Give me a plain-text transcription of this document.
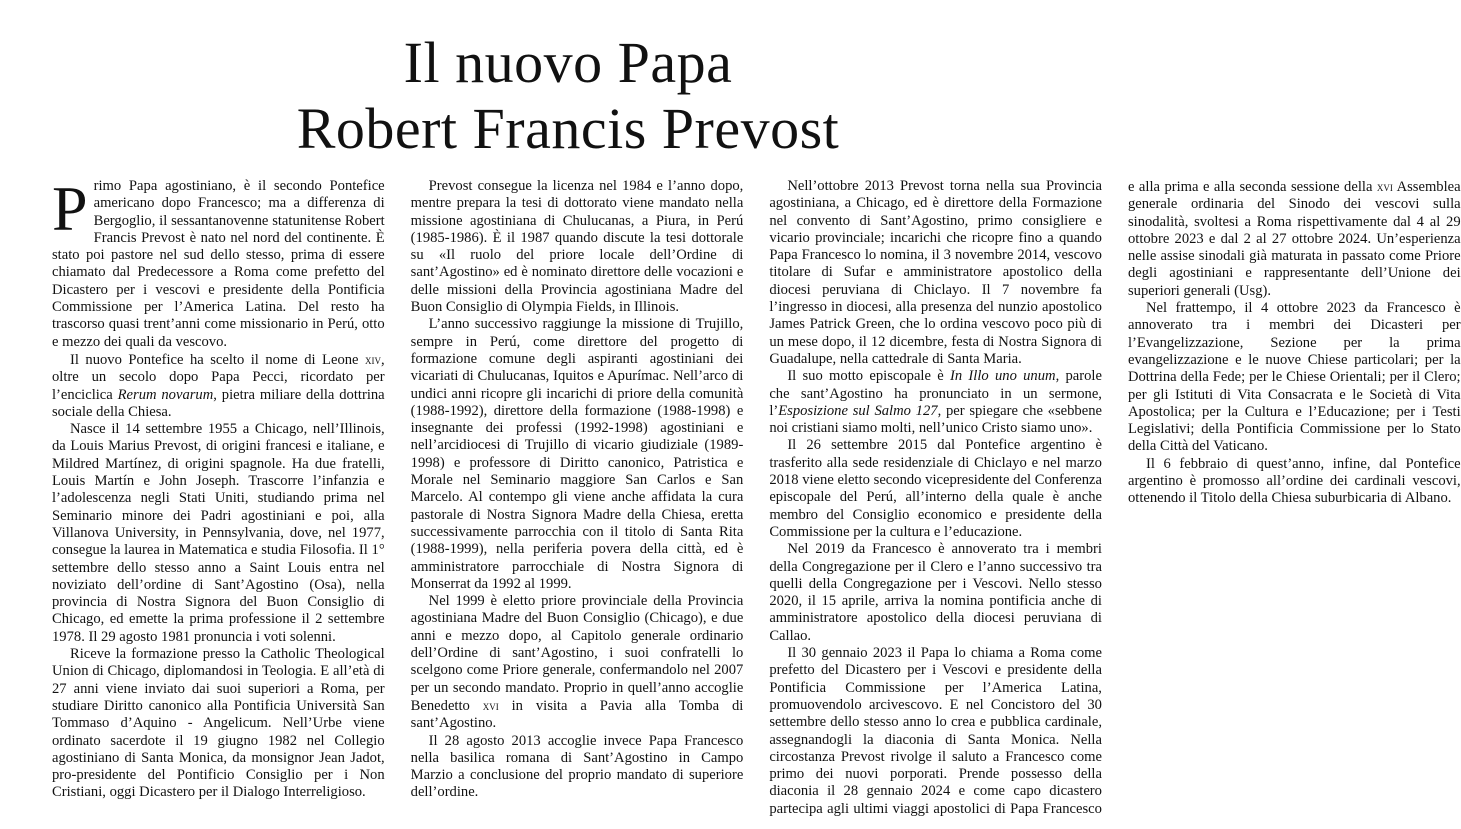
Il nuovo Papa
Robert Francis Prevost

Primo Papa agostiniano, è il secondo Pontefice americano dopo Francesco; ma a differenza di Bergoglio, il sessantanovenne statunitense Robert Francis Prevost è nato nel nord del continente. È stato poi pastore nel sud dello stesso, prima di essere chiamato dal Predecessore a Roma come prefetto del Dicastero per i vescovi e presidente della Pontificia Commissione per l’America Latina. Del resto ha trascorso quasi trent’anni come missionario in Perú, otto e mezzo dei quali da vescovo.

Il nuovo Pontefice ha scelto il nome di Leone xiv, oltre un secolo dopo Papa Pecci, ricordato per l’enciclica Rerum novarum, pietra miliare della dottrina sociale della Chiesa.

Nasce il 14 settembre 1955 a Chicago, nell’Illinois, da Louis Marius Prevost, di origini francesi e italiane, e Mildred Martínez, di origini spagnole. Ha due fratelli, Louis Martín e John Joseph. Trascorre l’infanzia e l’adolescenza negli Stati Uniti, studiando prima nel Seminario minore dei Padri agostiniani e poi, alla Villanova University, in Pennsylvania, dove, nel 1977, consegue la laurea in Matematica e studia Filosofia. Il 1° settembre dello stesso anno a Saint Louis entra nel noviziato dell’ordine di Sant’Agostino (Osa), nella provincia di Nostra Signora del Buon Consiglio di Chicago, ed emette la prima professione il 2 settembre 1978. Il 29 agosto 1981 pronuncia i voti solenni.

Riceve la formazione presso la Catholic Theological Union di Chicago, diplomandosi in Teologia. E all’età di 27 anni viene inviato dai suoi superiori a Roma, per studiare Diritto canonico alla Pontificia Università San Tommaso d’Aquino - Angelicum. Nell’Urbe viene ordinato sacerdote il 19 giugno 1982 nel Collegio agostiniano di Santa Monica, da monsignor Jean Jadot, pro-presidente del Pontificio Consiglio per i Non Cristiani, oggi Dicastero per il Dialogo Interreligioso.

Prevost consegue la licenza nel 1984 e l’anno dopo, mentre prepara la tesi di dottorato viene mandato nella missione agostiniana di Chulucanas, a Piura, in Perú (1985-1986). È il 1987 quando discute la tesi dottorale su «Il ruolo del priore locale dell’Ordine di sant’Agostino» ed è nominato direttore delle vocazioni e delle missioni della Provincia agostiniana Madre del Buon Consiglio di Olympia Fields, in Illinois.

L’anno successivo raggiunge la missione di Trujillo, sempre in Perú, come direttore del progetto di formazione comune degli aspiranti agostiniani dei vicariati di Chulucanas, Iquitos e Apurímac. Nell’arco di undici anni ricopre gli incarichi di priore della comunità (1988-1992), direttore della formazione (1988-1998) e insegnante dei professi (1992-1998) agostiniani e nell’arcidiocesi di Trujillo di vicario giudiziale (1989-1998) e professore di Diritto canonico, Patristica e Morale nel Seminario maggiore San Carlos e San Marcelo. Al contempo gli viene anche affidata la cura pastorale di Nostra Signora Madre della Chiesa, eretta successivamente parrocchia con il titolo di Santa Rita (1988-1999), nella periferia povera della città, ed è amministratore parrocchiale di Nostra Signora di Monserrat da 1992 al 1999.

Nel 1999 è eletto priore provinciale della Provincia agostiniana Madre del Buon Consiglio (Chicago), e due anni e mezzo dopo, al Capitolo generale ordinario dell’Ordine di sant’Agostino, i suoi confratelli lo scelgono come Priore generale, confermandolo nel 2007 per un secondo mandato. Proprio in quell’anno accoglie Benedetto xvi in visita a Pavia alla Tomba di sant’Agostino.

Il 28 agosto 2013 accoglie invece Papa Francesco nella basilica romana di Sant’Agostino in Campo Marzio a conclusione del proprio mandato di superiore dell’ordine.

Nell’ottobre 2013 Prevost torna nella sua Provincia agostiniana, a Chicago, ed è direttore della Formazione nel convento di Sant’Agostino, primo consigliere e vicario provinciale; incarichi che ricopre fino a quando Papa Francesco lo nomina, il 3 novembre 2014, vescovo titolare di Sufar e amministratore apostolico della diocesi peruviana di Chiclayo. Il 7 novembre fa l’ingresso in diocesi, alla presenza del nunzio apostolico James Patrick Green, che lo ordina vescovo poco più di un mese dopo, il 12 dicembre, festa di Nostra Signora di Guadalupe, nella cattedrale di Santa Maria.

Il suo motto episcopale è In Illo uno unum, parole che sant’Agostino ha pronunciato in un sermone, l’Esposizione sul Salmo 127, per spiegare che «sebbene noi cristiani siamo molti, nell’unico Cristo siamo uno».

Il 26 settembre 2015 dal Pontefice argentino è trasferito alla sede residenziale di Chiclayo e nel marzo 2018 viene eletto secondo vicepresidente del Conferenza episcopale del Perú, all’interno della quale è anche membro del Consiglio economico e presidente della Commissione per la cultura e l’educazione.

Nel 2019 da Francesco è annoverato tra i membri della Congregazione per il Clero e l’anno successivo tra quelli della Congregazione per i Vescovi. Nello stesso 2020, il 15 aprile, arriva la nomina pontificia anche di amministratore apostolico della diocesi peruviana di Callao.

Il 30 gennaio 2023 il Papa lo chiama a Roma come prefetto del Dicastero per i Vescovi e presidente della Pontificia Commissione per l’America Latina, promuovendolo arcivescovo. E nel Concistoro del 30 settembre dello stesso anno lo crea e pubblica cardinale, assegnandogli la diaconia di Santa Monica. Nella circostanza Prevost rivolge il saluto a Francesco come primo dei nuovi porporati. Prende possesso della diaconia il 28 gennaio 2024 e come capo dicastero partecipa agli ultimi viaggi apostolici di Papa Francesco e alla prima e alla seconda sessione della xvi Assemblea generale ordinaria del Sinodo dei vescovi sulla sinodalità, svoltesi a Roma rispettivamente dal 4 al 29 ottobre 2023 e dal 2 al 27 ottobre 2024. Un’esperienza nelle assise sinodali già maturata in passato come Priore degli agostiniani e rappresentante dell’Unione dei superiori generali (Usg).

Nel frattempo, il 4 ottobre 2023 da Francesco è annoverato tra i membri dei Dicasteri per l’Evangelizzazione, Sezione per la prima evangelizzazione e le nuove Chiese particolari; per la Dottrina della Fede; per le Chiese Orientali; per il Clero; per gli Istituti di Vita Consacrata e le Società di Vita Apostolica; per la Cultura e l’Educazione; per i Testi Legislativi; della Pontificia Commissione per lo Stato della Città del Vaticano.

Il 6 febbraio di quest’anno, infine, dal Pontefice argentino è promosso all’ordine dei cardinali vescovi, ottenendo il Titolo della Chiesa suburbicaria di Albano.
